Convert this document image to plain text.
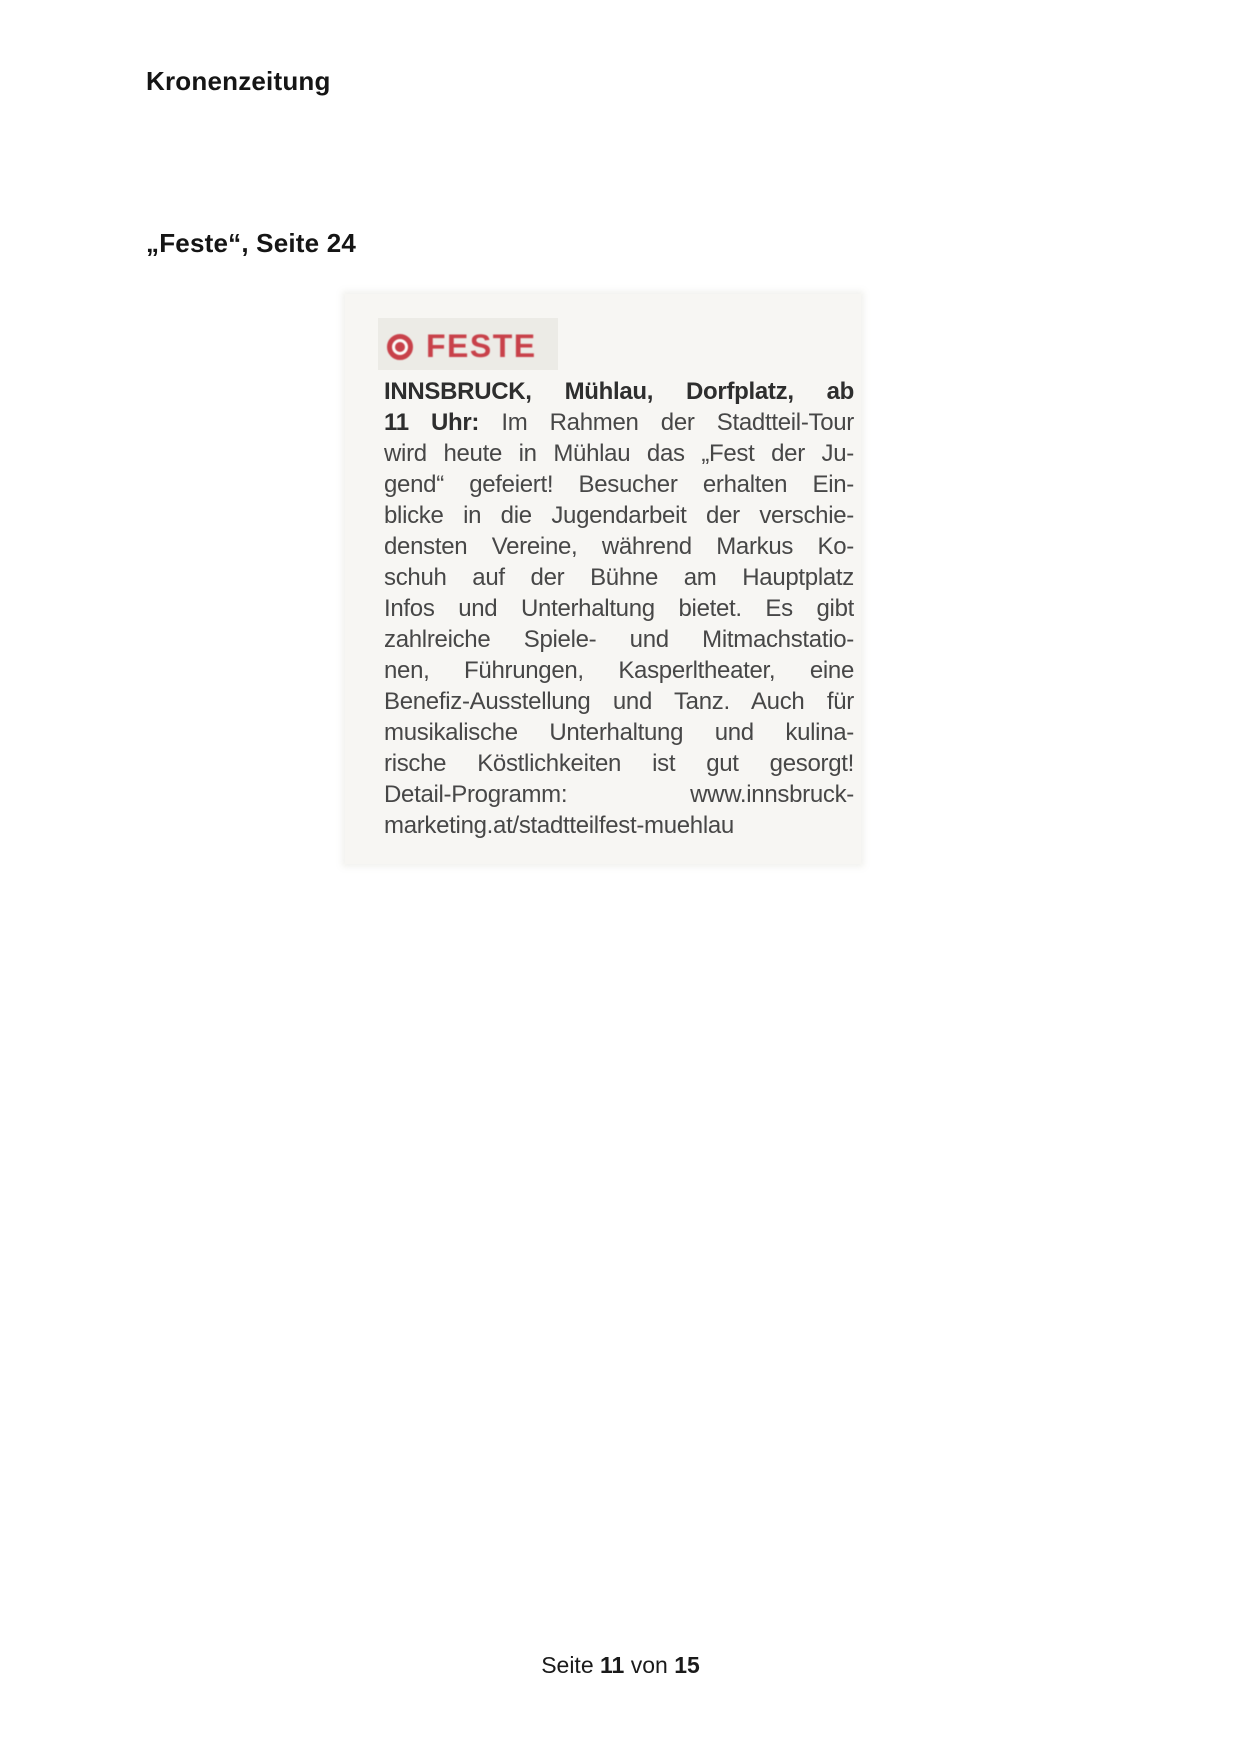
Kronenzeitung
„Feste“, Seite 24
FESTE
INNSBRUCK, Mühlau, Dorfplatz, ab
11 Uhr: Im Rahmen der Stadtteil-Tour
wird heute in Mühlau das „Fest der Ju-
gend“ gefeiert! Besucher erhalten Ein-
blicke in die Jugendarbeit der verschie-
densten Vereine, während Markus Ko-
schuh auf der Bühne am Hauptplatz
Infos und Unterhaltung bietet. Es gibt
zahlreiche Spiele- und Mitmachstatio-
nen, Führungen, Kasperltheater, eine
Benefiz-Ausstellung und Tanz. Auch für
musikalische Unterhaltung und kulina-
rische Köstlichkeiten ist gut gesorgt!
Detail-Programm: www.innsbruck-
marketing.at/stadtteilfest-muehlau
Seite 11 von 15
